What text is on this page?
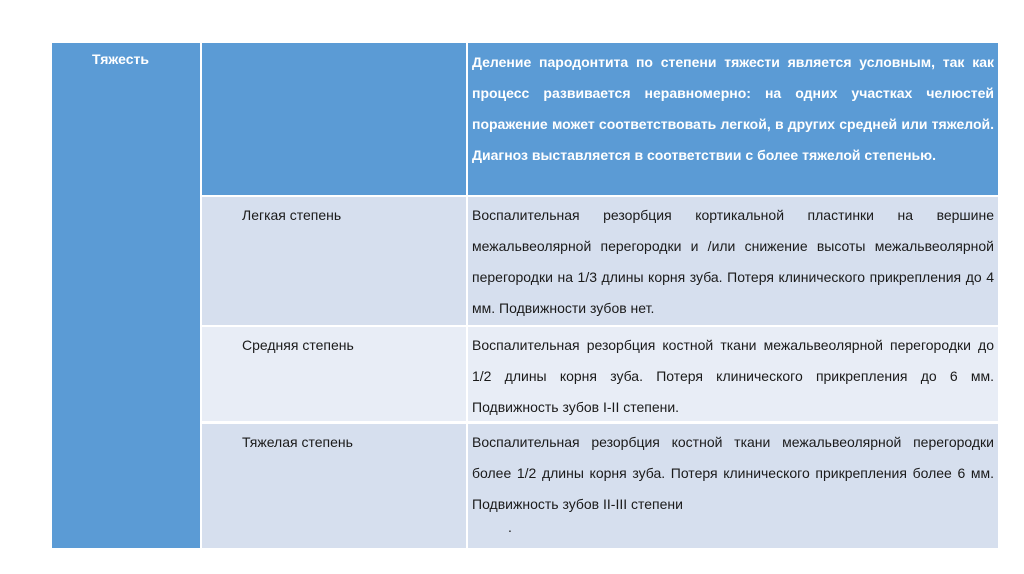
Тяжесть	Деление пародонтита по степени тяжести является условным, так как процесс развивается неравномерно: на одних участках челюстей поражение может соответствовать легкой, в других средней или тяжелой. Диагноз выставляется в соответствии с более тяжелой степенью.
Легкая степень	Воспалительная резорбция кортикальной пластинки на вершине межальвеолярной перегородки и /или снижение высоты межальвеолярной перегородки на 1/3 длины корня зуба. Потеря клинического прикрепления до 4 мм. Подвижности зубов нет.
Средняя степень	Воспалительная резорбция костной ткани межальвеолярной перегородки до 1/2 длины корня зуба. Потеря клинического прикрепления до 6 мм. Подвижность зубов I-II степени.
Тяжелая степень	Воспалительная резорбция костной ткани межальвеолярной перегородки более 1/2 длины корня зуба. Потеря клинического прикрепления более 6 мм. Подвижность зубов II-III степени
.
